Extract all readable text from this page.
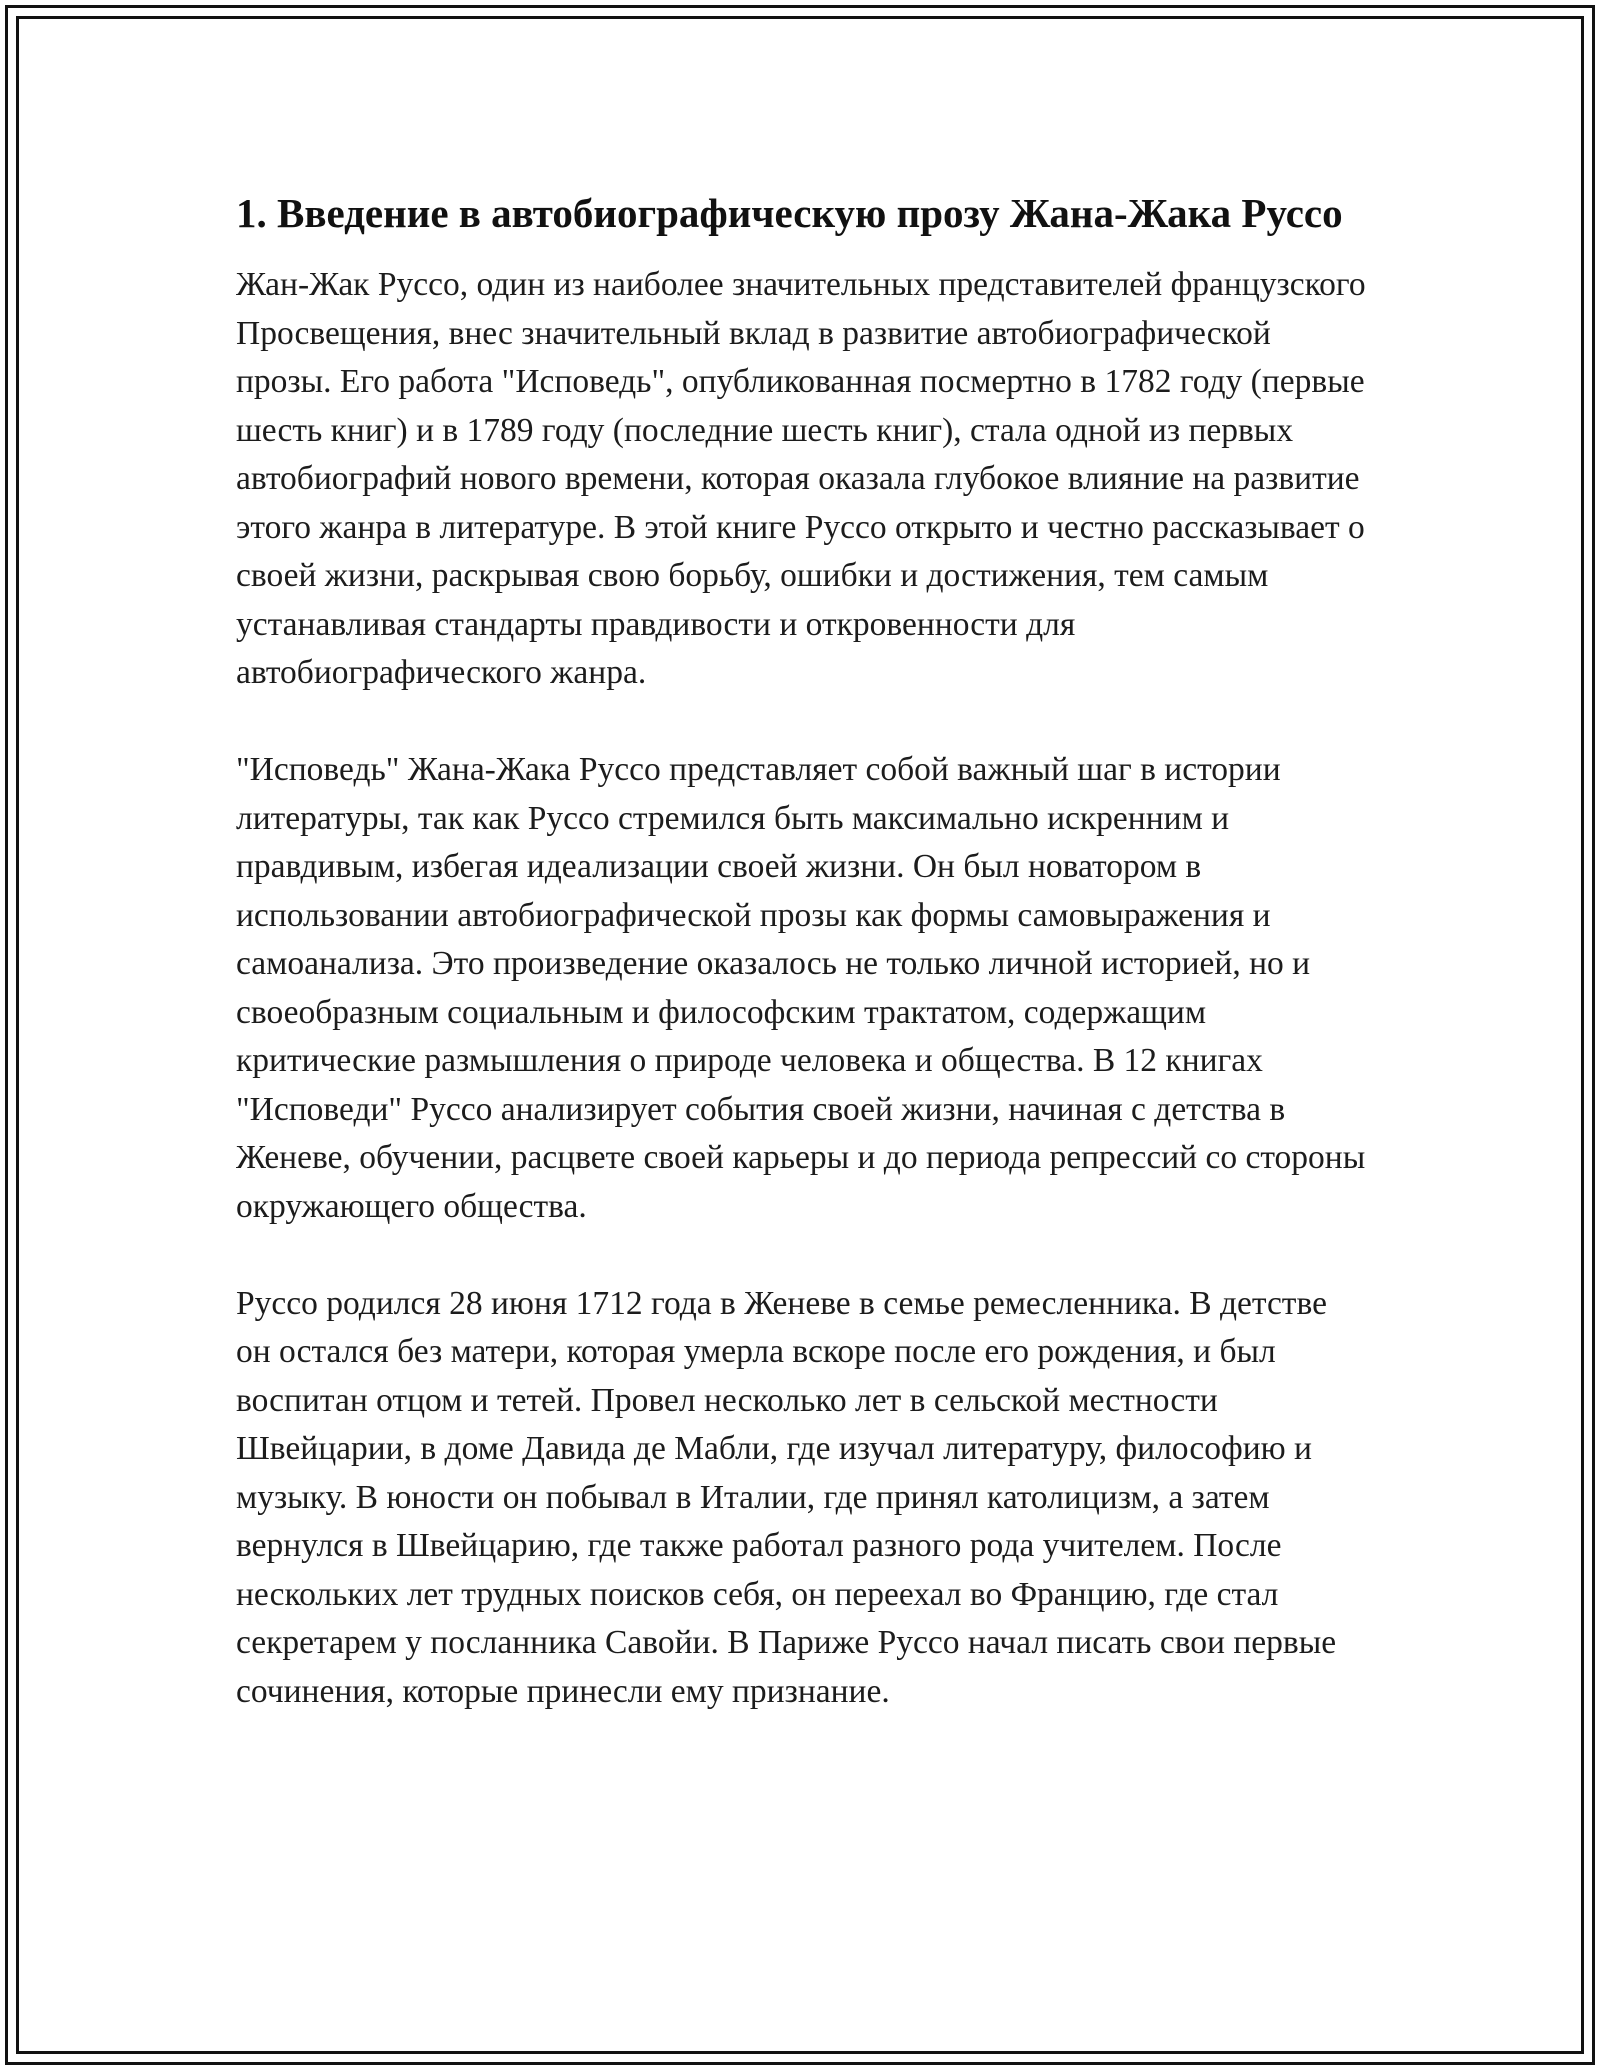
1. Введение в автобиографическую прозу Жана-Жака Руссо

Жан-Жак Руссо, один из наиболее значительных представителей французского Просвещения, внес значительный вклад в развитие автобиографической прозы. Его работа "Исповедь", опубликованная посмертно в 1782 году (первые шесть книг) и в 1789 году (последние шесть книг), стала одной из первых автобиографий нового времени, которая оказала глубокое влияние на развитие этого жанра в литературе. В этой книге Руссо открыто и честно рассказывает о своей жизни, раскрывая свою борьбу, ошибки и достижения, тем самым устанавливая стандарты правдивости и откровенности для автобиографического жанра.

"Исповедь" Жана-Жака Руссо представляет собой важный шаг в истории литературы, так как Руссо стремился быть максимально искренним и правдивым, избегая идеализации своей жизни. Он был новатором в использовании автобиографической прозы как формы самовыражения и самоанализа. Это произведение оказалось не только личной историей, но и своеобразным социальным и философским трактатом, содержащим критические размышления о природе человека и общества. В 12 книгах "Исповеди" Руссо анализирует события своей жизни, начиная с детства в Женеве, обучении, расцвете своей карьеры и до периода репрессий со стороны окружающего общества.

Руссо родился 28 июня 1712 года в Женеве в семье ремесленника. В детстве он остался без матери, которая умерла вскоре после его рождения, и был воспитан отцом и тетей. Провел несколько лет в сельской местности Швейцарии, в доме Давида де Мабли, где изучал литературу, философию и музыку. В юности он побывал в Италии, где принял католицизм, а затем вернулся в Швейцарию, где также работал разного рода учителем. После нескольких лет трудных поисков себя, он переехал во Францию, где стал секретарем у посланника Савойи. В Париже Руссо начал писать свои первые сочинения, которые принесли ему признание.
